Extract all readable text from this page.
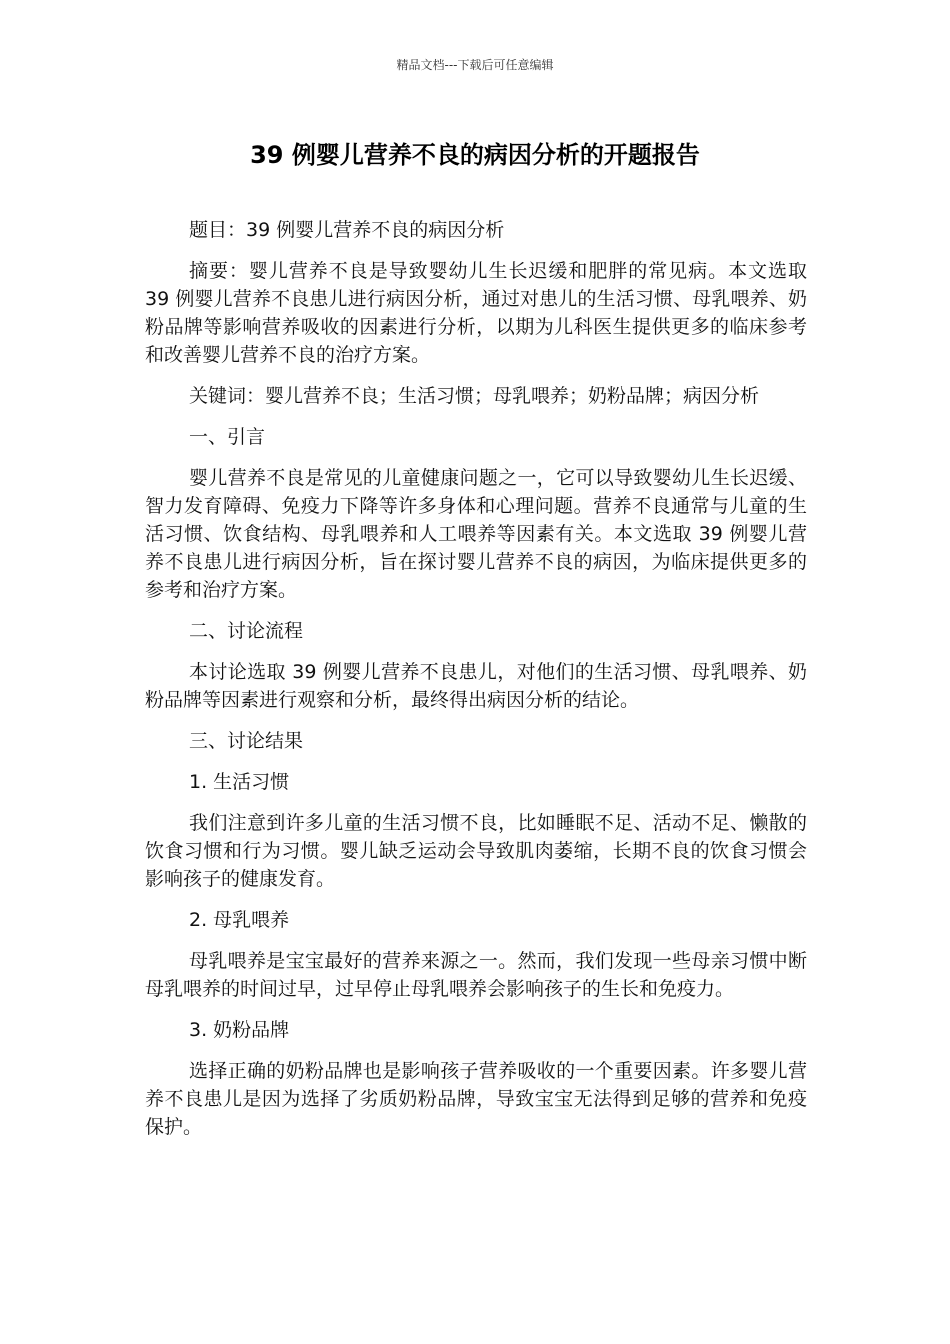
精品文档---下载后可任意编辑
39 例婴儿营养不良的病因分析的开题报告

题目：39 例婴儿营养不良的病因分析

摘要：婴儿营养不良是导致婴幼儿生长迟缓和肥胖的常见病。本文选取 39 例婴儿营养不良患儿进行病因分析，通过对患儿的生活习惯、母乳喂养、奶粉品牌等影响营养吸收的因素进行分析，以期为儿科医生提供更多的临床参考和改善婴儿营养不良的治疗方案。

关键词：婴儿营养不良；生活习惯；母乳喂养；奶粉品牌；病因分析

一、引言

婴儿营养不良是常见的儿童健康问题之一，它可以导致婴幼儿生长迟缓、智力发育障碍、免疫力下降等许多身体和心理问题。营养不良通常与儿童的生活习惯、饮食结构、母乳喂养和人工喂养等因素有关。本文选取 39 例婴儿营养不良患儿进行病因分析，旨在探讨婴儿营养不良的病因，为临床提供更多的参考和治疗方案。

二、讨论流程

本讨论选取 39 例婴儿营养不良患儿，对他们的生活习惯、母乳喂养、奶粉品牌等因素进行观察和分析，最终得出病因分析的结论。

三、讨论结果

1. 生活习惯

我们注意到许多儿童的生活习惯不良，比如睡眠不足、活动不足、懒散的饮食习惯和行为习惯。婴儿缺乏运动会导致肌肉萎缩，长期不良的饮食习惯会影响孩子的健康发育。

2. 母乳喂养

母乳喂养是宝宝最好的营养来源之一。然而，我们发现一些母亲习惯中断母乳喂养的时间过早，过早停止母乳喂养会影响孩子的生长和免疫力。

3. 奶粉品牌

选择正确的奶粉品牌也是影响孩子营养吸收的一个重要因素。许多婴儿营养不良患儿是因为选择了劣质奶粉品牌，导致宝宝无法得到足够的营养和免疫保护。
